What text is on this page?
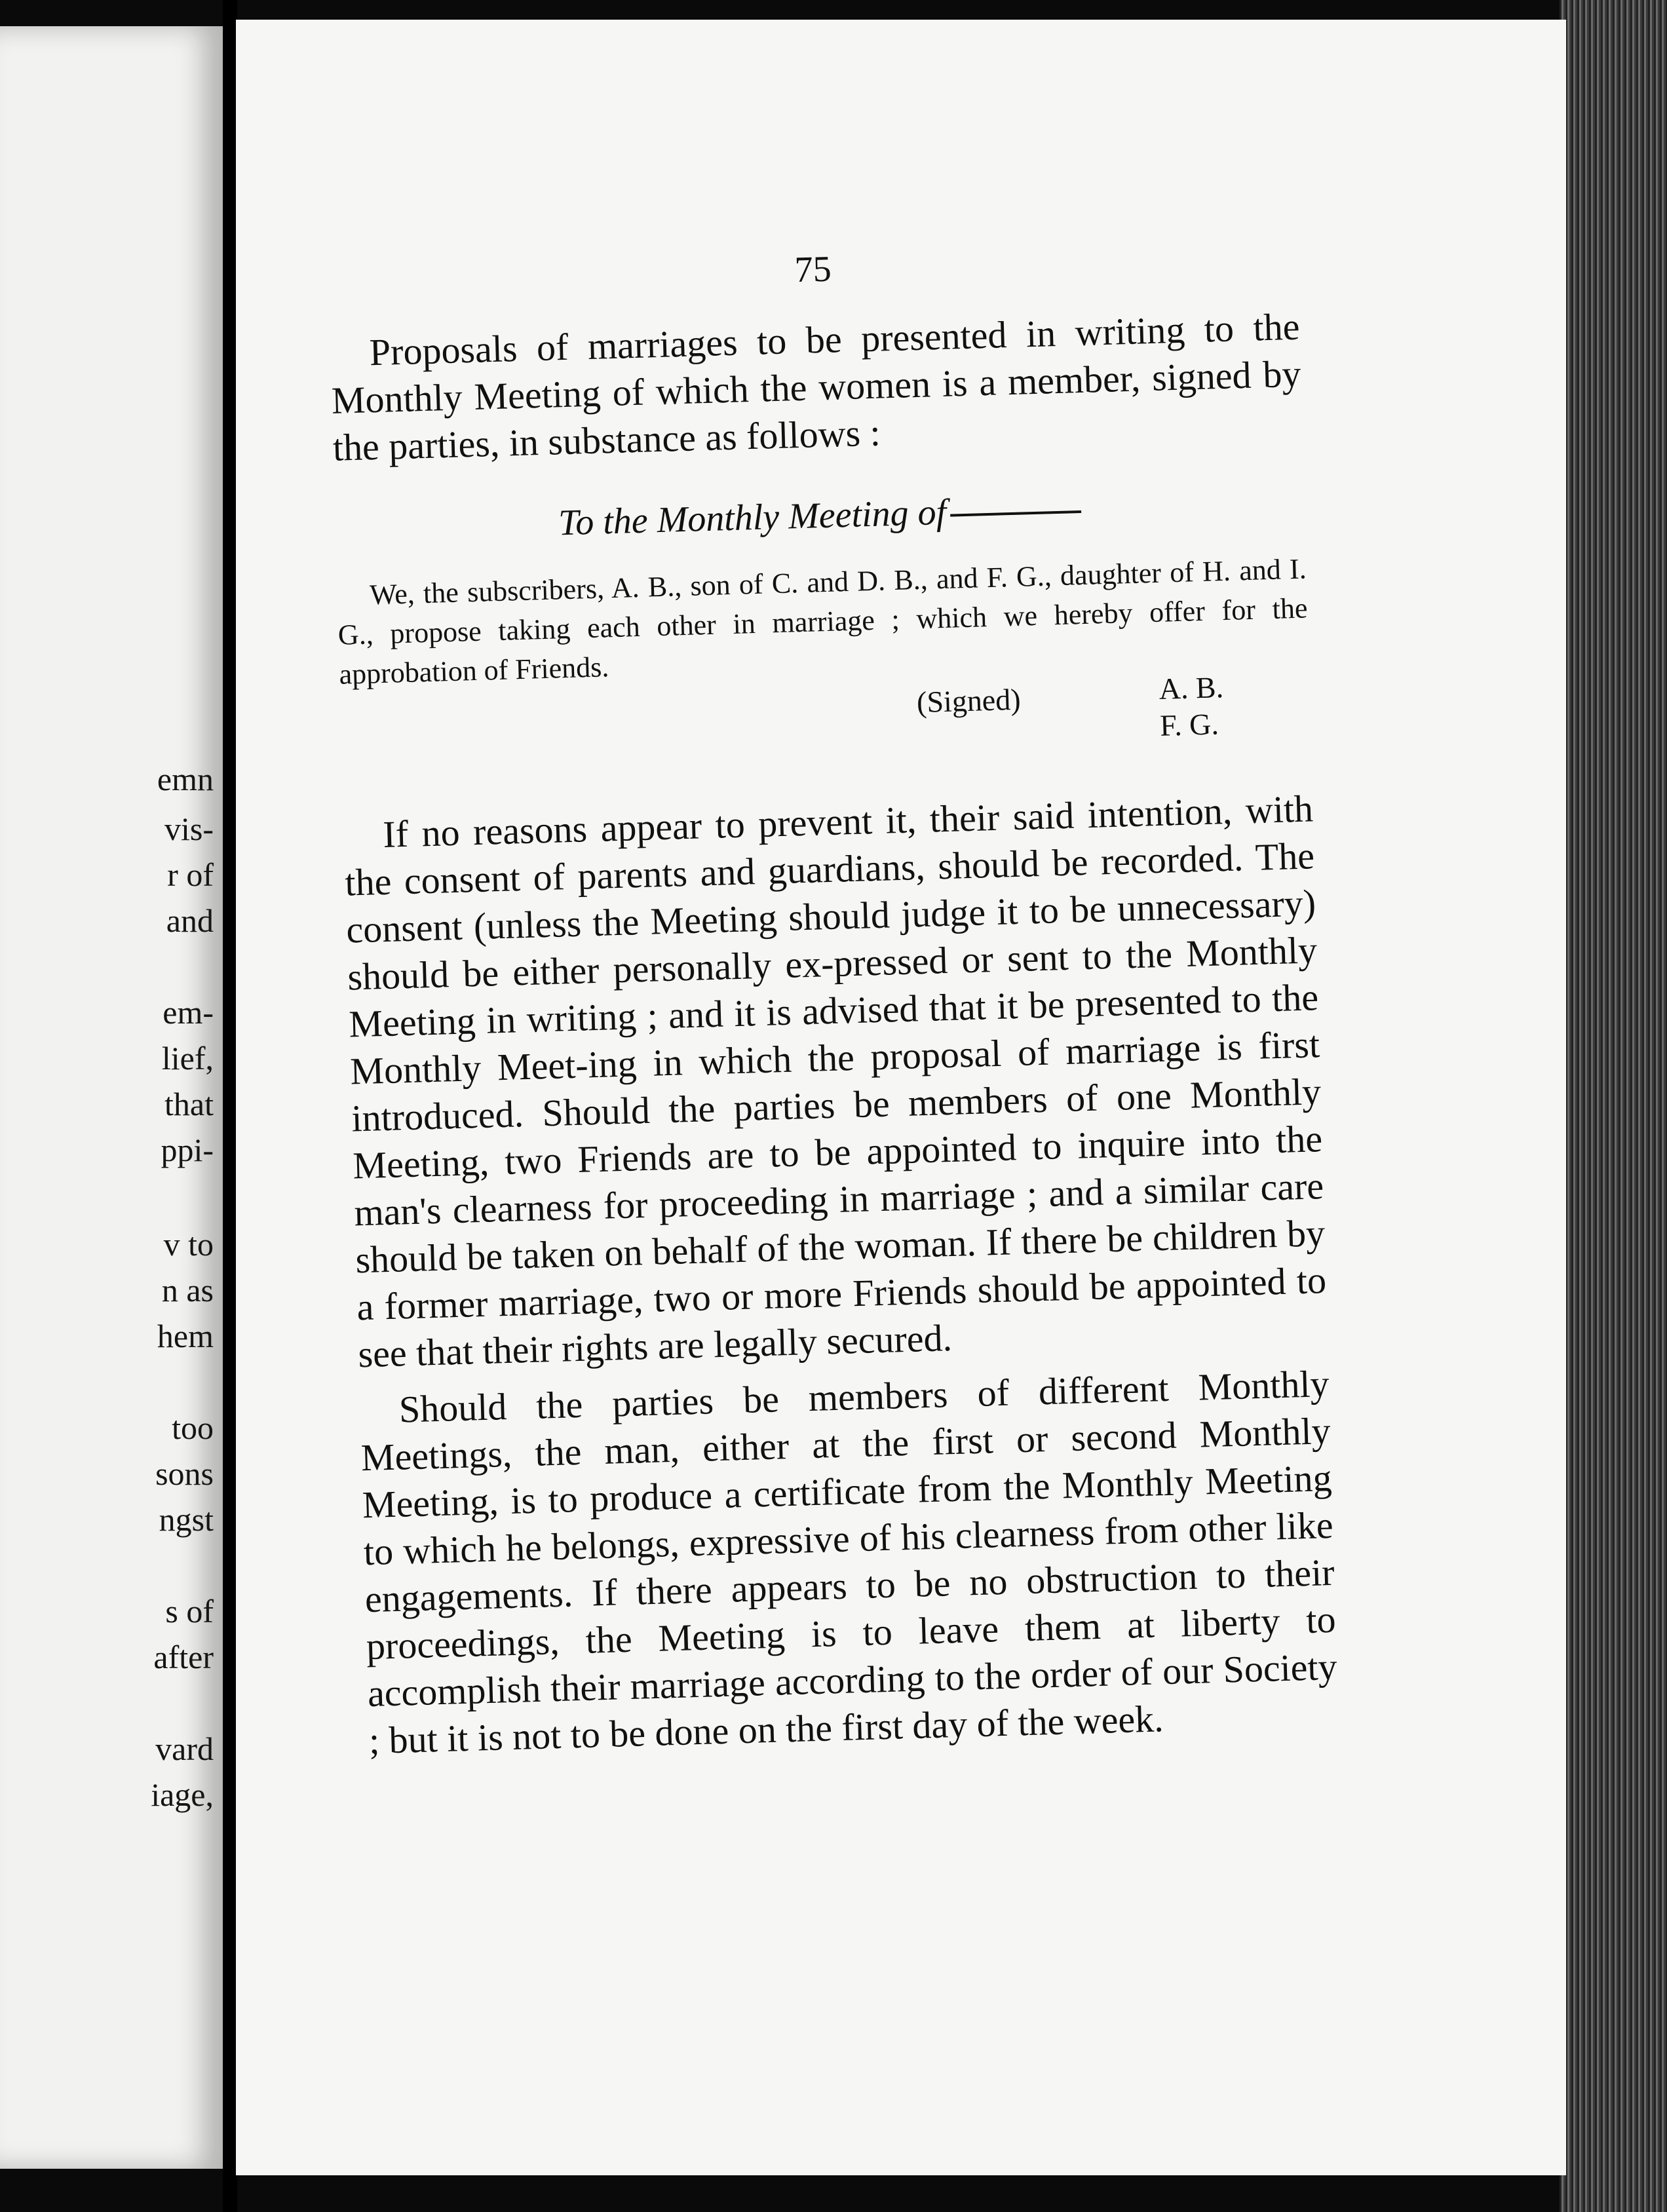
emn
vis-
r of
and
em-
lief,
that
ppi-
v to
n as
hem
too
sons
ngst
s of
after
vard
iage,
75

Proposals of marriages to be presented in writing to the Monthly Meeting of which the women is a member, signed by the parties, in substance as follows :

To the Monthly Meeting of

We, the subscribers, A. B., son of C. and D. B., and F. G., daughter of H. and I. G., propose taking each other in marriage ; which we hereby offer for the approbation of Friends.

(Signed)	A. B.
F. G.

If no reasons appear to prevent it, their said intention, with the consent of parents and guardians, should be recorded. The consent (unless the Meeting should judge it to be unnecessary) should be either personally ex-pressed or sent to the Monthly Meeting in writing ; and it is advised that it be presented to the Monthly Meet-ing in which the proposal of marriage is first introduced. Should the parties be members of one Monthly Meeting, two Friends are to be appointed to inquire into the man's clearness for proceeding in marriage ; and a similar care should be taken on behalf of the woman. If there be children by a former marriage, two or more Friends should be appointed to see that their rights are legally secured.

Should the parties be members of different Monthly Meetings, the man, either at the first or second Monthly Meeting, is to produce a certificate from the Monthly Meeting to which he belongs, expressive of his clearness from other like engagements. If there appears to be no obstruction to their proceedings, the Meeting is to leave them at liberty to accomplish their marriage according to the order of our Society ; but it is not to be done on the first day of the week.
